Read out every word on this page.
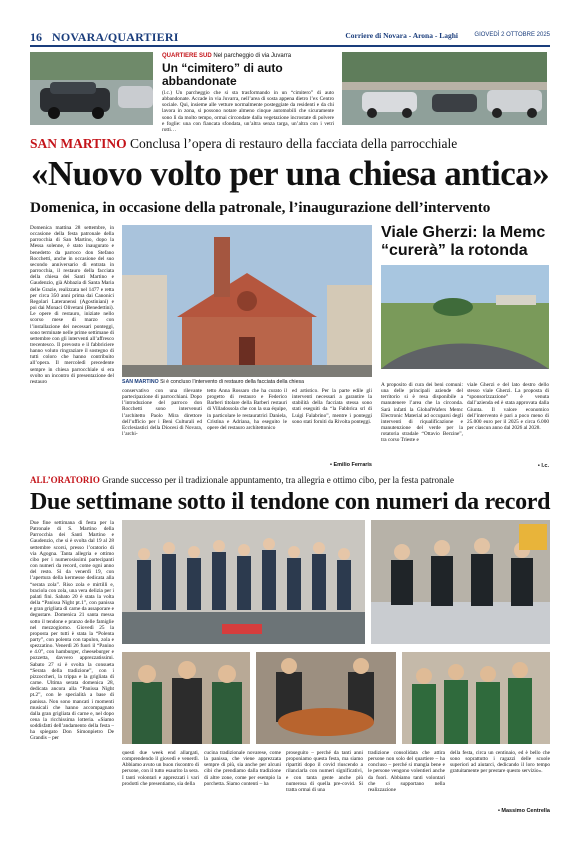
16 NOVARA/QUARTIERI	Corriere di Novara - Arona - Laghi	GIOVEDÌ 2 OTTOBRE 2025
QUARTIERE SUD Nel parcheggio di via Juvarra
Un “cimitero” di auto abbandonate
(l.c.) Un parcheggio che si sta trasformando in un “cimitero” di auto abbandonate. Accade in via Juvarra, nell’area di sosta appena dietro l’ex Centro sociale. Qui, insieme alle vetture normalmente posteggiate da residenti e da chi lavora in zona, si possono notare almeno cinque automobili che sicuramente sono lì da molto tempo, ormai circondate dalla vegetazione incrostate di polvere e foglie: una con fiancata sfondata, un’altra senza targa, un’altra con i vetri rotti…
SAN MARTINO Conclusa l’opera di restauro della facciata della parrocchiale
«Nuovo volto per una chiesa antica»
Domenica, in occasione della patronale, l’inaugurazione dell’intervento
Domenica mattina 28 settembre, in occasione della festa patronale della parrocchia di San Martino, dopo la Messa solenne, è stato inaugurato e benedetto da parroco don Stefano Rocchetti, anche in occasione del suo secondo anniversario di entrata in parrocchia, il restauro della facciata della chiesa dei Santi Martino e Gaudenzio, già Abbazia di Santa Maria delle Grazie, realizzata nel 1477 e retta per circa 350 anni prima dai Canonici Regolari Lateranensi (Agostiniani) e poi dai Monaci Olivetani (Benedettini). Le opere di restauro, iniziate nello scorso mese di marzo con l’installazione dei necessari ponteggi, sono terminate nelle prime settimane di settembre con gli interventi all’affresco trecentesco. Il prevosto e il fabbriciere hanno voluto ringraziare il sostegno di tutti coloro che hanno contribuito all’opera. Il mercoledì precedente sempre in chiesa parrocchiale si era svolto un incontro di presentazione del restauro	SAN MARTINO Si è concluso l’intervento di restauro della facciata della chiesa
conservativo con una rilevante partecipazione di parrocchiani. Dopo l’introduzione del parroco don Rocchetti sono intervenuti l’architetto Paolo Mira direttore dell’ufficio per i Beni Culturali ed Ecclesiastici della Diocesi di Novara, l’archi-
tetto Anna Rossaro che ha curato il progetto di restauro e Federico Barberi titolare della Barberi restauri di Villadossola che con la sua équipe, in particolare le restauratrici Daniela, Cristina e Adriana, ha eseguito le opere del restauro architettonico
ed artistico. Per la parte edile gli interventi necessari a garantire la stabilità della facciata stessa sono stati eseguiti da “la Fabbrica srl di Luigi Falabrino”, mentre i ponteggi sono stati forniti da Rivolta ponteggi.
• Emilio Ferraris
Viale Gherzi: la Memc “curerà” la rotonda
A proposito di cura dei beni comuni: una delle principali aziende del territorio si è resa disponibile a manutenere l’area che la circonda. Sarà infatti la GlobalWafers Memc Electronic Material ad occuparsi degli interventi di riqualificazione e manutenzione del verde per la rotatoria stradale “Ottavio Berzine”, tra corso Trieste e
viale Gherzi e del lato destro dello stesso viale Gherzi. La proposta di “sponsorizzazione” è venuta dall’azienda ed è stata approvata dalla Giunta. Il valore economico dell’intervento è pari a poco meno di 25.000 euro per il 2025 e circa 6.000 per ciascun anno dal 2026 al 2028.
• l.c.
ALL’ORATORIO Grande successo per il tradizionale appuntamento, tra allegria e ottimo cibo, per la festa patronale
Due settimane sotto il tendone con numeri da record
Due fine settimana di festa per la Patronale di S. Martino della Parrocchia dei Santi Martino e Gaudenzio, che si è svolta dal 19 al 28 settembre scorsi, presso l’oratorio di via Agogna. Tanta allegria e ottimo cibo per i numerosissimi partecipanti con numeri da record, come ogni anno del resto. Si da venerdì 19, con l’apertura della kermesse dedicata alla “serata zola”. Riso zola e mirtilli e, braciola con zola, una vera delizia per i palati fini. Sabato 20 è stata la volta della “Panissa Night pt.1”, con panissa e gran grigliata di carne da assaporare e degustare. Domenica 21 santa messa sotto il tendone e pranzo delle famiglie nel mezzogiorno. Giovedì 25 la proposta per tutti è stata la “Polenta party”, con polenta con tapulon, zola e spezzatino. Venerdì 26 fuori il “Panino e 4.0”, con hamburger, cheeseburger e pozzetta, davvero apprezzatissimi. Sabato 27 si è svolta la consueta “Serata della tradizione”, con i pizzoccheri, la trippa e la grigliata di carne. Ultima serata domenica 28, dedicata ancora alla “Panissa Night pt.2”, con le specialità a base di panissa. Non sono mancati i momenti musicali che hanno accompagnato dalla gran grigliata di carne e, nel dopo cena la ricchissima lotteria. «Siamo soddisfatti dell’andamento della festa – ha spiegato Don Simonpietro De Grandis – per
questi due week end allargati, comprendendo il giovedì e venerdì. Abbiamo avuto un buon riscontro di persone, con il tutto esaurito la sera. I tanti volontari e apprezzati i vari prodotti che presentiamo, sia della
cucina tradizionale novarese, come la panissa, che viene apprezzata sempre di più, sia anche per alcuni cibi che prendiamo dalla tradizione di altre zone, come per esempio la porchetta. Siamo contenti – ha
proseguito – perché da tanti anni proponiamo questa festa, ma siamo ripartiti dopo il covid riuscendo a rilanciarla con numeri significativi, e con tanta gente anche più numerosa di quella pre-covid. Si tratta ormai di una
tradizione consolidata che attira persone non solo del quartiere – ha concluso – perché si mangia bene e le persone vengono volentieri anche da fuori. Abbiamo tanti volontari che ci supportano nella realizzazione
della festa, circa un centinaio, ed è bello che sono soprattutto i ragazzi delle scuole superiori ad aiutarci, dedicando il loro tempo gratuitamente per prestare questo servizio».
• Massimo Centrella
